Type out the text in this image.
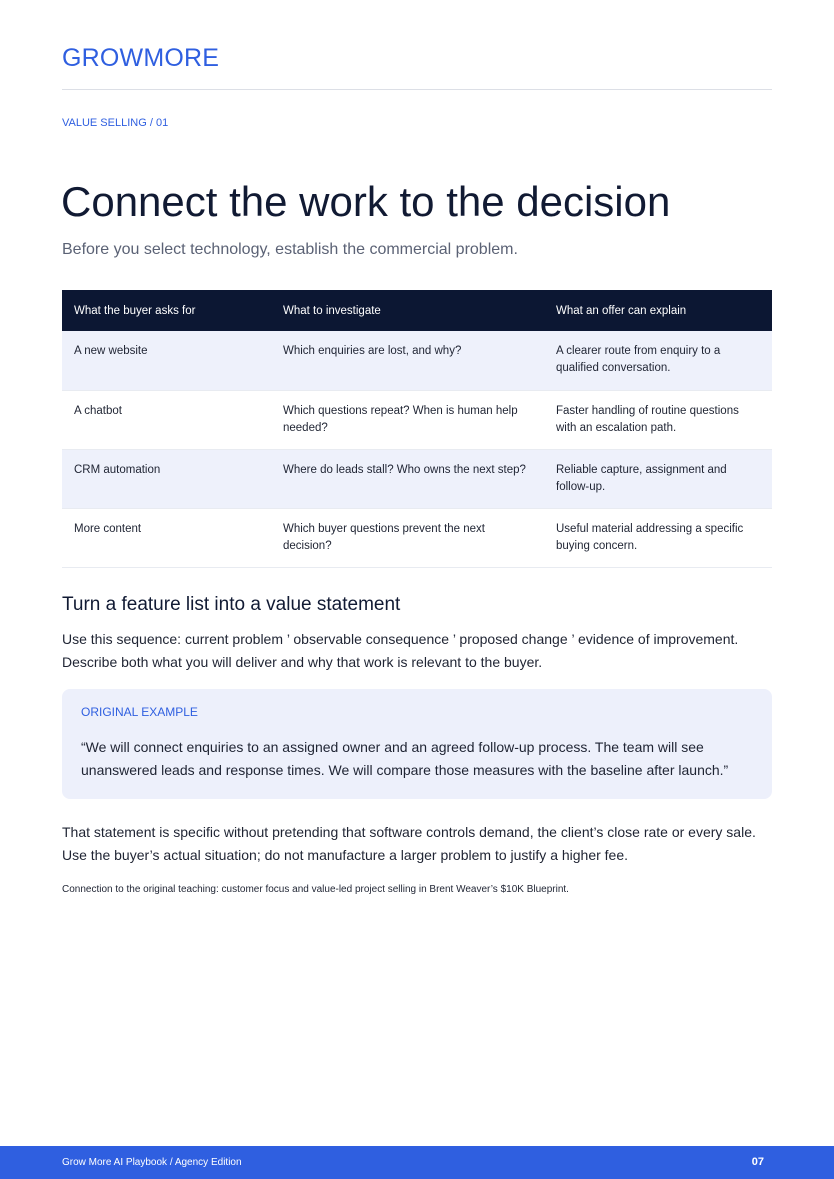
GROWMORE
VALUE SELLING / 01
Connect the work to the decision
Before you select technology, establish the commercial problem.
What the buyer asks for	What to investigate	What an offer can explain
A new website	Which enquiries are lost, and why?	A clearer route from enquiry to a qualified conversation.
A chatbot	Which questions repeat? When is human help needed?	Faster handling of routine questions with an escalation path.
CRM automation	Where do leads stall? Who owns the next step?	Reliable capture, assignment and follow-up.
More content	Which buyer questions prevent the next decision?	Useful material addressing a specific buying concern.
Turn a feature list into a value statement

Use this sequence: current problem ’ observable consequence ’ proposed change ’ evidence of improvement. Describe both what you will deliver and why that work is relevant to the buyer.

ORIGINAL EXAMPLE
“We will connect enquiries to an assigned owner and an agreed follow-up process. The team will see unanswered leads and response times. We will compare those measures with the baseline after launch.”

That statement is specific without pretending that software controls demand, the client’s close rate or every sale. Use the buyer’s actual situation; do not manufacture a larger problem to justify a higher fee.

Connection to the original teaching: customer focus and value-led project selling in Brent Weaver’s $10K Blueprint.
Grow More AI Playbook / Agency Edition	07
